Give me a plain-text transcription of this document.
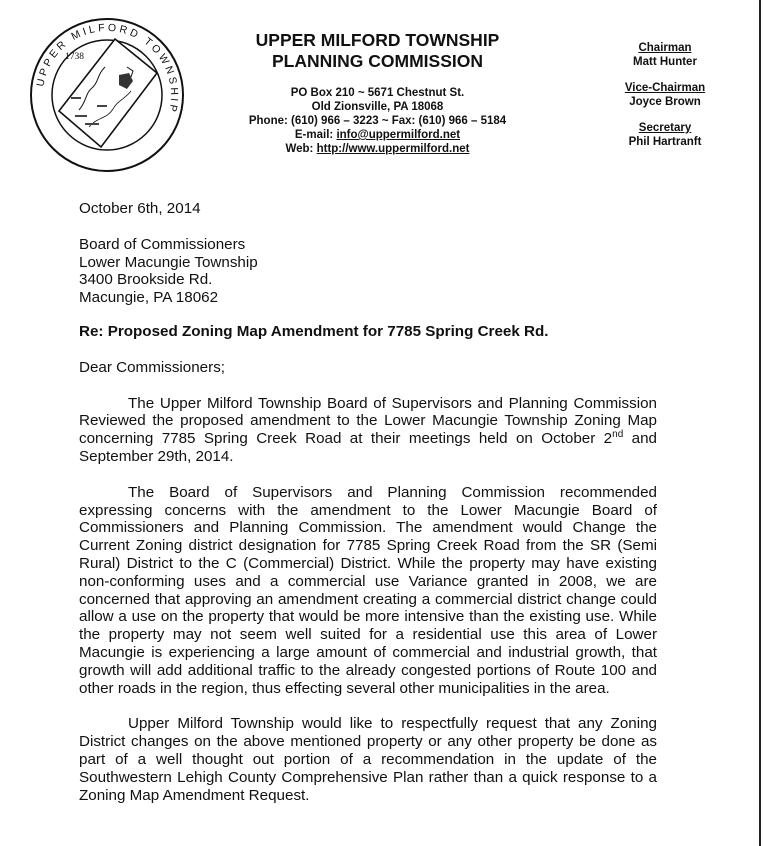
UPPER MILFORD TOWNSHIP
1738
UPPER MILFORD TOWNSHIP
PLANNING COMMISSION
PO Box 210 ~ 5671 Chestnut St.
Old Zionsville, PA 18068
Phone: (610) 966 – 3223 ~ Fax: (610) 966 – 5184
E-mail: info@uppermilford.net
Web: http://www.uppermilford.net
Chairman
Matt Hunter
Vice-Chairman
Joyce Brown
Secretary
Phil Hartranft

October 6th, 2014

Board of Commissioners
Lower Macungie Township
3400 Brookside Rd.
Macungie, PA 18062

Re: Proposed Zoning Map Amendment for 7785 Spring Creek Rd.

Dear Commissioners;

The Upper Milford Township Board of Supervisors and Planning Commission Reviewed the proposed amendment to the Lower Macungie Township Zoning Map concerning 7785 Spring Creek Road at their meetings held on October 2nd and September 29th, 2014.

The Board of Supervisors and Planning Commission recommended expressing concerns with the amendment to the Lower Macungie Board of Commissioners and Planning Commission. The amendment would Change the Current Zoning district designation for 7785 Spring Creek Road from the SR (Semi Rural) District to the C (Commercial) District. While the property may have existing non-conforming uses and a commercial use Variance granted in 2008, we are concerned that approving an amendment creating a commercial district change could allow a use on the property that would be more intensive than the existing use. While the property may not seem well suited for a residential use this area of Lower Macungie is experiencing a large amount of commercial and industrial growth, that growth will add additional traffic to the already congested portions of Route 100 and other roads in the region, thus effecting several other municipalities in the area.

Upper Milford Township would like to respectfully request that any Zoning District changes on the above mentioned property or any other property be done as part of a well thought out portion of a recommendation in the update of the Southwestern Lehigh County Comprehensive Plan rather than a quick response to a Zoning Map Amendment Request.
